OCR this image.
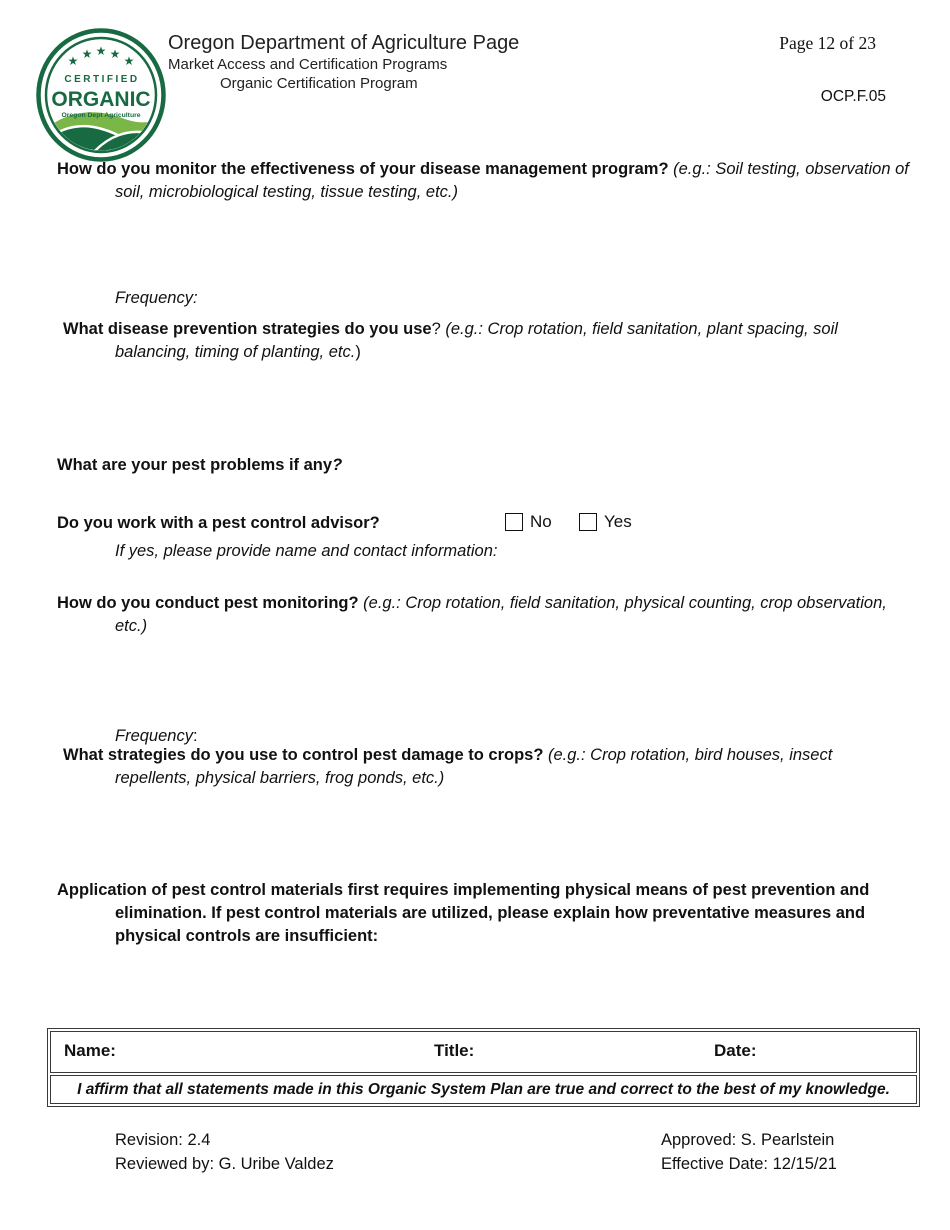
★ ★ ★ ★ ★
CERTIFIED
ORGANIC
Oregon Dept Agriculture

Oregon Department of Agriculture Page

Market Access and Certification Programs

Organic Certification Program

Page 12 of 23
OCP.F.05
How do you monitor the effectiveness of your disease management program? (e.g.: Soil testing, observation of soil, microbiological testing, tissue testing, etc.)
Frequency:
What disease prevention strategies do you use? (e.g.: Crop rotation, field sanitation, plant spacing, soil balancing, timing of planting, etc.)
What are your pest problems if any?
Do you work with a pest control advisor?	No	Yes
If yes, please provide name and contact information:
How do you conduct pest monitoring? (e.g.: Crop rotation, field sanitation, physical counting, crop observation, etc.)
Frequency:
What strategies do you use to control pest damage to crops? (e.g.: Crop rotation, bird houses, insect repellents, physical barriers, frog ponds, etc.)
Application of pest control materials first requires implementing physical means of pest prevention and elimination. If pest control materials are utilized, please explain how preventative measures and physical controls are insufficient:
Name:	Title:	Date:
I affirm that all statements made in this Organic System Plan are true and correct to the best of my knowledge.
Revision: 2.4
Reviewed by: G. Uribe Valdez
Approved: S. Pearlstein
Effective Date: 12/15/21
